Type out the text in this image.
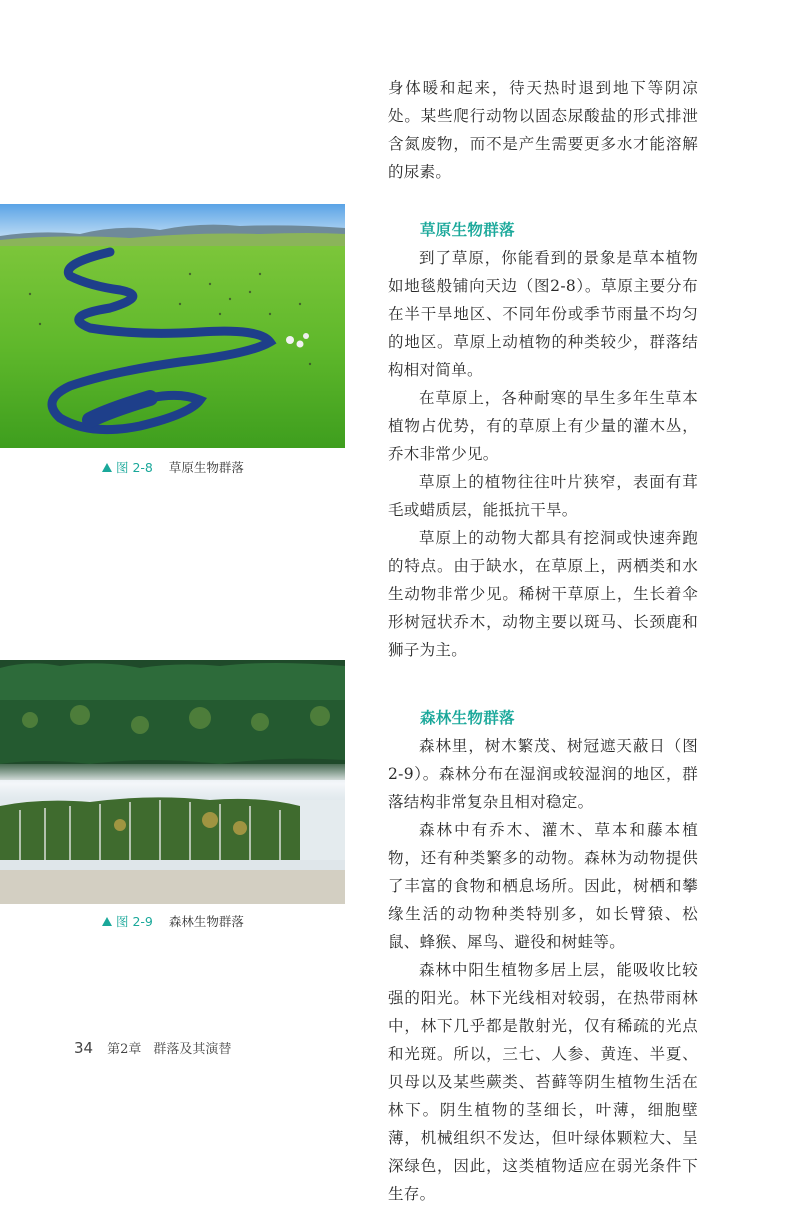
图 2-8 草原生物群落
图 2-9 森林生物群落

身体暖和起来，待天热时退到地下等阴凉处。某些爬行动物以固态尿酸盐的形式排泄含氮废物，而不是产生需要更多水才能溶解的尿素。

草原生物群落

到了草原，你能看到的景象是草本植物如地毯般铺向天边（图2-8）。草原主要分布在半干旱地区、不同年份或季节雨量不均匀的地区。草原上动植物的种类较少，群落结构相对简单。

在草原上，各种耐寒的旱生多年生草本植物占优势，有的草原上有少量的灌木丛，乔木非常少见。

草原上的植物往往叶片狭窄，表面有茸毛或蜡质层，能抵抗干旱。

草原上的动物大都具有挖洞或快速奔跑的特点。由于缺水，在草原上，两栖类和水生动物非常少见。稀树干草原上，生长着伞形树冠状乔木，动物主要以斑马、长颈鹿和狮子为主。

森林生物群落

森林里，树木繁茂、树冠遮天蔽日（图2-9）。森林分布在湿润或较湿润的地区，群落结构非常复杂且相对稳定。

森林中有乔木、灌木、草本和藤本植物，还有种类繁多的动物。森林为动物提供了丰富的食物和栖息场所。因此，树栖和攀缘生活的动物种类特别多，如长臂猿、松鼠、蜂猴、犀鸟、避役和树蛙等。

森林中阳生植物多居上层，能吸收比较强的阳光。林下光线相对较弱，在热带雨林中，林下几乎都是散射光，仅有稀疏的光点和光斑。所以，三七、人参、黄连、半夏、贝母以及某些蕨类、苔藓等阴生植物生活在林下。阴生植物的茎细长，叶薄，细胞壁薄，机械组织不发达，但叶绿体颗粒大、呈深绿色，因此，这类植物适应在弱光条件下生存。

34 第2章 群落及其演替
